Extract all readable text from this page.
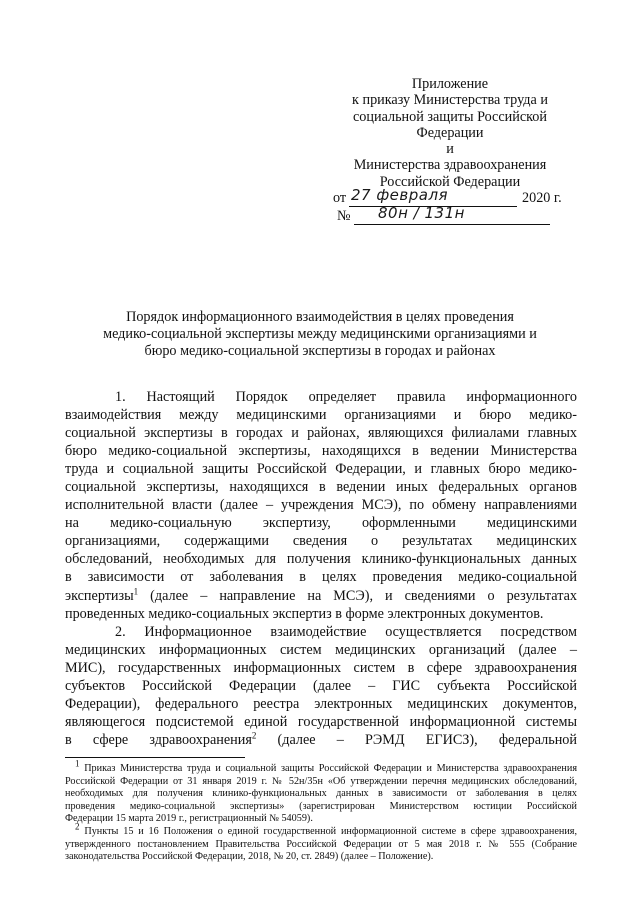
Приложение
к приказу Министерства труда и
социальной защиты Российской
Федерации
и
Министерства здравоохранения
Российской Федерации
от 27 февраля	2020 г.
№ 80н / 131н
Порядок информационного взаимодействия в целях проведения
медико-социальной экспертизы между медицинскими организациями и
бюро медико-социальной экспертизы в городах и районах
1. Настоящий Порядок определяет правила информационного
взаимодействия между медицинскими организациями и бюро медико-
социальной экспертизы в городах и районах, являющихся филиалами главных
бюро медико-социальной экспертизы, находящихся в ведении Министерства
труда и социальной защиты Российской Федерации, и главных бюро медико-
социальной экспертизы, находящихся в ведении иных федеральных органов
исполнительной власти (далее – учреждения МСЭ), по обмену направлениями
на медико-социальную экспертизу, оформленными медицинскими
организациями, содержащими сведения о результатах медицинских
обследований, необходимых для получения клинико-функциональных данных
в зависимости от заболевания в целях проведения медико-социальной
экспертизы$^1$ (далее – направление на МСЭ), и сведениями о результатах
проведенных медико-социальных экспертиз в форме электронных документов.
2. Информационное взаимодействие осуществляется посредством
медицинских информационных систем медицинских организаций (далее –
МИС), государственных информационных систем в сфере здравоохранения
субъектов Российской Федерации (далее – ГИС субъекта Российской
Федерации), федерального реестра электронных медицинских документов,
являющегося подсистемой единой государственной информационной системы
в сфере здравоохранения$^2$ (далее – РЭМД ЕГИСЗ), федеральной
$^1$ Приказ Министерства труда и социальной защиты Российской Федерации и Министерства здравоохранения
Российской Федерации от 31 января 2019 г. № 52н/35н «Об утверждении перечня медицинских обследований,
необходимых для получения клинико-функциональных данных в зависимости от заболевания в целях
проведения медико-социальной экспертизы» (зарегистрирован Министерством юстиции Российской
Федерации 15 марта 2019 г., регистрационный № 54059).
$^2$ Пункты 15 и 16 Положения о единой государственной информационной системе в сфере здравоохранения,
утвержденного постановлением Правительства Российской Федерации от 5 мая 2018 г. № 555 (Собрание
законодательства Российской Федерации, 2018, № 20, ст. 2849) (далее – Положение).
